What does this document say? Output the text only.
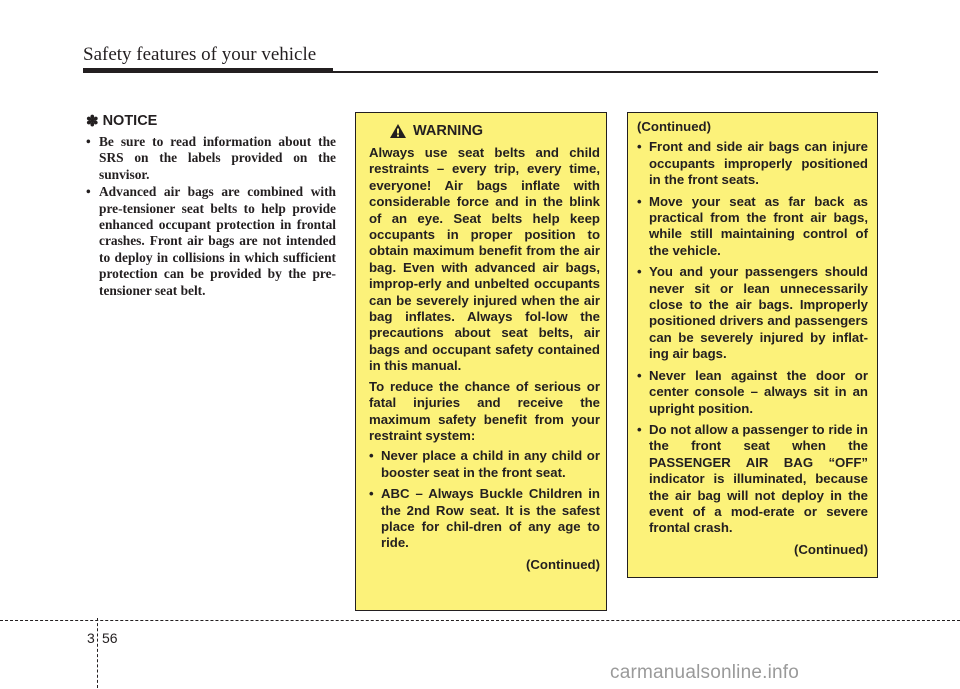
Safety features of your vehicle
✽ NOTICE
• Be sure to read information about the SRS on the labels provided on the sunvisor.
• Advanced air bags are combined with pre-tensioner seat belts to help provide enhanced occupant protection in frontal crashes. Front air bags are not intended to deploy in collisions in which sufficient protection can be provided by the pre-tensioner seat belt.
WARNING

Always use seat belts and child restraints – every trip, every time, everyone! Air bags inflate with considerable force and in the blink of an eye. Seat belts help keep occupants in proper position to obtain maximum benefit from the air bag. Even with advanced air bags, improp-erly and unbelted occupants can be severely injured when the air bag inflates. Always fol-low the precautions about seat belts, air bags and occupant safety contained in this manual.

To reduce the chance of serious or fatal injuries and receive the maximum safety benefit from your restraint system:

• Never place a child in any child or booster seat in the front seat.
• ABC – Always Buckle Children in the 2nd Row seat. It is the safest place for chil-dren of any age to ride.
(Continued)
(Continued)
• Front and side air bags can injure occupants improperly positioned in the front seats.
• Move your seat as far back as practical from the front air bags, while still maintaining control of the vehicle.
• You and your passengers should never sit or lean unnecessarily close to the air bags. Improperly positioned drivers and passengers can be severely injured by inflat-ing air bags.
• Never lean against the door or center console – always sit in an upright position.
• Do not allow a passenger to ride in the front seat when the PASSENGER AIR BAG “OFF” indicator is illuminated, because the air bag will not deploy in the event of a mod-erate or severe frontal crash.
(Continued)
3 56
carmanualsonline.info
